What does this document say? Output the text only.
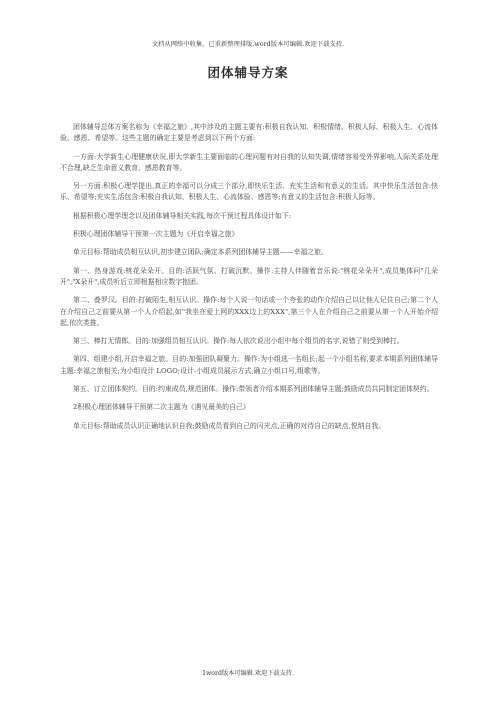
文档从网络中收集，已重新整理排版.word版本可编辑.欢迎下载支持.
团体辅导方案

团体辅导总体方案名称为《幸福之旅》,其中涉及的主题主要有:积极自我认知、积极情绪、积极人际、积极人生、心流体验、感恩、希望等。这些主题的确定主要是考虑到以下两个方面:

一方面:大学新生心理健康状况,即大学新生主要面临的心理问题有对自我的认知失调,情绪容易受外界影响,人际关系处理不合理,缺乏生命意义教育、感恩教育等。

另一方面:积极心理学提出,真正的幸福可以分成三个部分,即快乐生活、充实生活和有意义的生活。其中快乐生活包含:快乐、希望等;充实生活包含:积极自我认知、积极人生、心流体验、感恩等;有意义的生活包含:积极人际等。

根据积极心理学理念以及团体辅导相关实践,每次干预过程具体设计如下:

积极心理团体辅导干预第一次主题为《开启幸福之旅》

单元目标:帮助成员相互认识,初步建立团队;确定本系列团体辅导主题——幸福之旅。

第一、热身游戏:桃花朵朵开。目的:活跃气氛、打破沉默。操作:主持人伴随着音乐说:"桃花朵朵开",成员集体问"几朵开","X朵开",成员听后立即根据相应数字抱团。

第二、叠罗汉。目的:打破陌生,相互认识。操作:每个人说一句话或一个夸张的动作介绍自己以让他人记住自己;第二个人在介绍自己之前要从第一个人介绍起,如"我坐在爱上网的XXX边上的XXX",第三个人在介绍自己之前要从第一个人开始介绍起,依次类推。

第三、棒打无情郎。目的:加强组员相互认识。操作:每人依次说出小组中每个组员的名字,说错了则受到棒打。

第四、组建小组,开启幸福之旅。目的:加强团队凝聚力。操作:为小组选一名组长;起一个小组名称,要求本期系列团体辅导主题:幸福之旅相关;为小组设计 LOGO;设计-小组成员展示方式,确立小组口号,组歌等。

第五、订立团体契约。目的:约束成员,规范团体。操作:带领者介绍本期系列团体辅导主题;鼓励成员共同制定团体契约。

2积极心理团体辅导干预第二次主题为《遇见最美的自己》

单元目标:帮助成员认识正确地认识自我;鼓励成员看到自己的闪光点,正确的对待自己的缺点,悦纳自我。

1word版本可编辑.欢迎下载支持.
